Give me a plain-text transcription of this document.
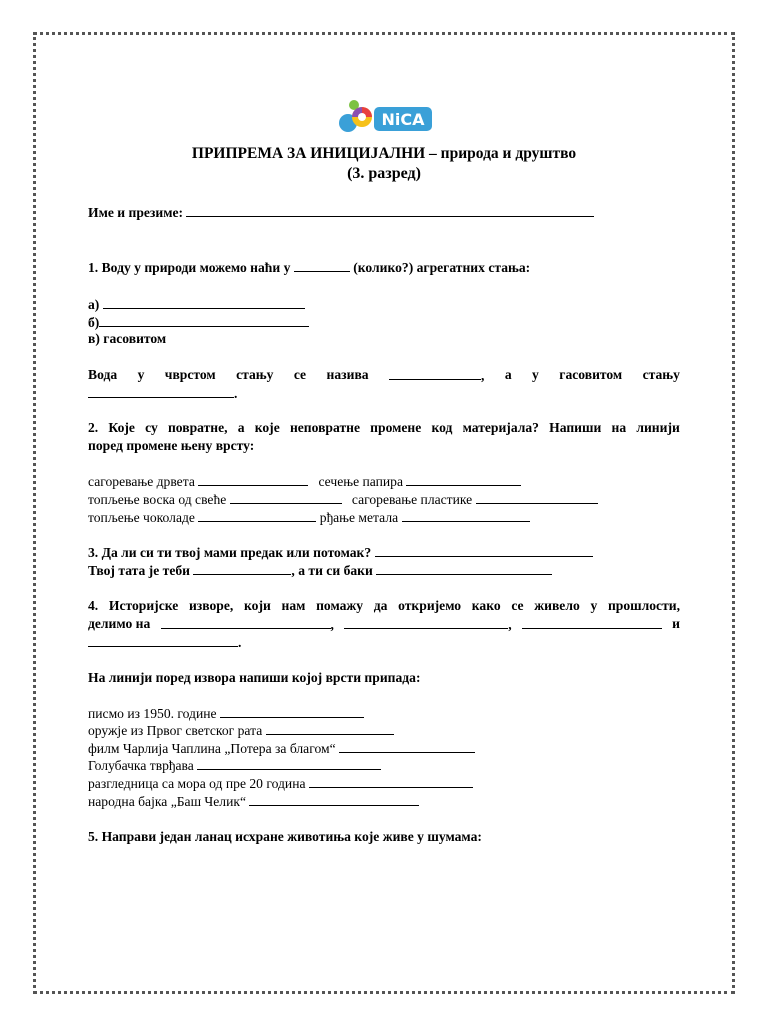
NiCA
ПРИПРЕМА ЗА ИНИЦИЈАЛНИ – природа и друштво
(3. разред)
Име и презиме:
1. Воду у природи можемо наћи у	(колико?) агрегатних стања:
а)
б)
в) гасовитом
Вода у чврстом стању се назива	, а у гасовитом стању
.
2. Које су повратне, а које неповратне промене код материјала? Напиши на линији
поред промене њену врсту:
сагоревање дрвета	сечење папира
топљење воска од свеће	сагоревање пластике
топљење чоколаде	рђање метала
3. Да ли си ти твој мами предак или потомак?
Твој тата је теби	, а ти си баки
4. Историјске изворе, који нам помажу да откријемо како се живело у прошлости,
делимо на	,	,	и
.
На линији поред извора напиши којој врсти припада:
писмо из 1950. године
оружје из Првог светског рата
филм Чарлија Чаплина „Потера за благом“
Голубачка тврђава
разгледница са мора од пре 20 година
народна бајка „Баш Челик“
5. Направи један ланац исхране животиња које живе у шумама:
